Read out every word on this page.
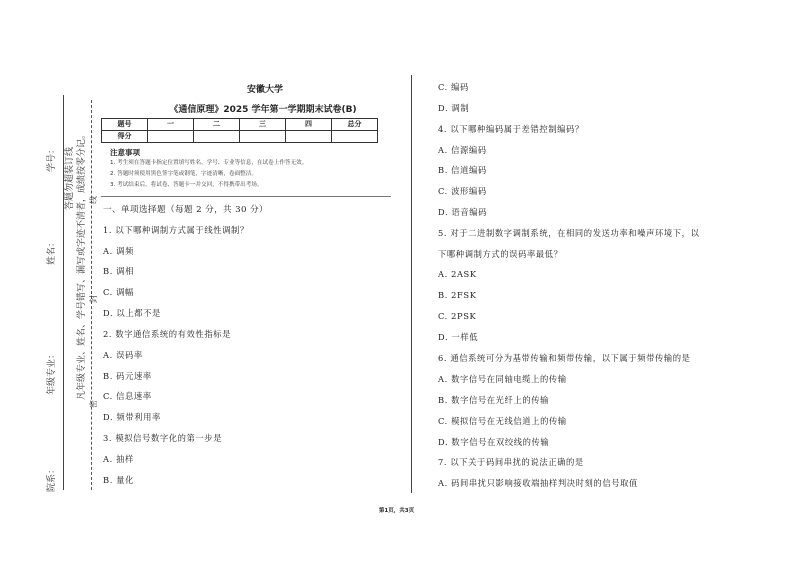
学号：
姓名：
年级专业：
院系：
答题勿超装订线 凡年级专业、姓名、学号错写、漏写或字迹不清者，成绩按零分记。
密
封
线
安徽大学
《通信原理》2025 学年第一学期期末试卷(B)
题号	一	二	三	四	总分
得分					
注意事项
1. 考生须在答题卡指定位置填写姓名、学号、专业等信息，在试卷上作答无效。
2. 答题时须使用黑色签字笔或钢笔，字迹清晰，卷面整洁。
3. 考试结束后，将试卷、答题卡一并交回，不得携带出考场。
一、单项选择题（每题 2 分，共 30 分）
1. 以下哪种调制方式属于线性调制？
A. 调频
B. 调相
C. 调幅
D. 以上都不是
2. 数字通信系统的有效性指标是
A. 误码率
B. 码元速率
C. 信息速率
D. 频带利用率
3. 模拟信号数字化的第一步是
A. 抽样
B. 量化
C. 编码
D. 调制
4. 以下哪种编码属于差错控制编码？
A. 信源编码
B. 信道编码
C. 波形编码
D. 语音编码
5. 对于二进制数字调制系统，在相同的发送功率和噪声环境下，以
下哪种调制方式的误码率最低？
A. 2ASK
B. 2FSK
C. 2PSK
D. 一样低
6. 通信系统可分为基带传输和频带传输，以下属于频带传输的是
A. 数字信号在同轴电缆上的传输
B. 数字信号在光纤上的传输
C. 模拟信号在无线信道上的传输
D. 数字信号在双绞线的传输
7. 以下关于码间串扰的说法正确的是
A. 码间串扰只影响接收端抽样判决时刻的信号取值
第1页，共3页
